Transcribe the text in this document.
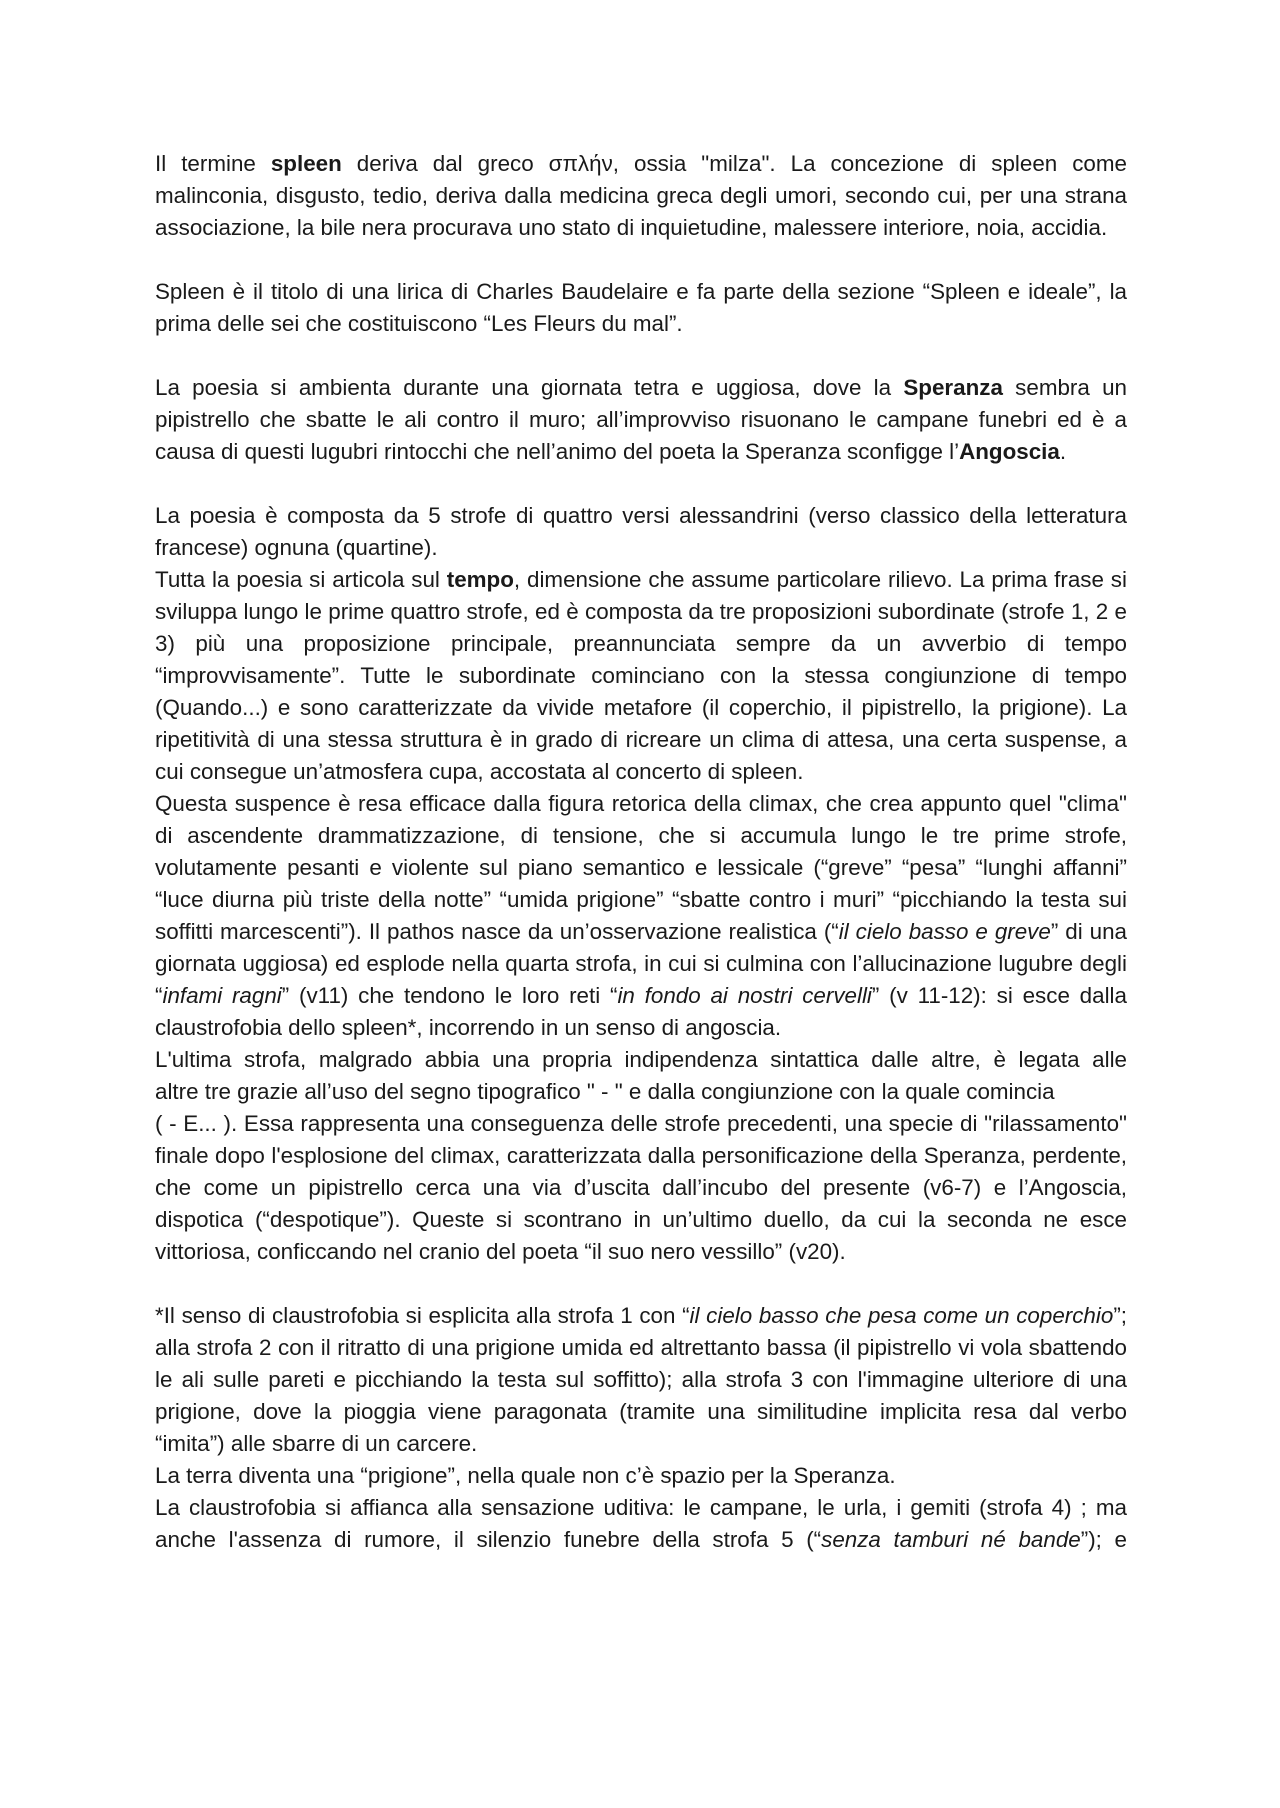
Il termine spleen deriva dal greco σπλήν, ossia "milza". La concezione di spleen come malinconia, disgusto, tedio, deriva dalla medicina greca degli umori, secondo cui, per una strana associazione, la bile nera procurava uno stato di inquietudine, malessere interiore, noia, accidia.

Spleen è il titolo di una lirica di Charles Baudelaire e fa parte della sezione “Spleen e ideale”, la prima delle sei che costituiscono “Les Fleurs du mal”.

La poesia si ambienta durante una giornata tetra e uggiosa, dove la Speranza sembra un pipistrello che sbatte le ali contro il muro; all’improvviso risuonano le campane funebri ed è a causa di questi lugubri rintocchi che nell’animo del poeta la Speranza sconfigge l’Angoscia.

La poesia è composta da 5 strofe di quattro versi alessandrini (verso classico della letteratura francese) ognuna (quartine).

Tutta la poesia si articola sul tempo, dimensione che assume particolare rilievo. La prima frase si sviluppa lungo le prime quattro strofe, ed è composta da tre proposizioni subordinate (strofe 1, 2 e 3) più una proposizione principale, preannunciata sempre da un avverbio di tempo “improvvisamente”. Tutte le subordinate cominciano con la stessa congiunzione di tempo (Quando...) e sono caratterizzate da vivide metafore (il coperchio, il pipistrello, la prigione). La ripetitività di una stessa struttura è in grado di ricreare un clima di attesa, una certa suspense, a cui consegue un’atmosfera cupa, accostata al concerto di spleen.

Questa suspence è resa efficace dalla figura retorica della climax, che crea appunto quel "clima" di ascendente drammatizzazione, di tensione, che si accumula lungo le tre prime strofe, volutamente pesanti e violente sul piano semantico e lessicale (“greve” “pesa” “lunghi affanni” “luce diurna più triste della notte” “umida prigione” “sbatte contro i muri” “picchiando la testa sui soffitti marcescenti”). Il pathos nasce da un’osservazione realistica (“il cielo basso e greve” di una giornata uggiosa) ed esplode nella quarta strofa, in cui si culmina con l’allucinazione lugubre degli “infami ragni” (v11) che tendono le loro reti “in fondo ai nostri cervelli” (v 11-12): si esce dalla claustrofobia dello spleen*, incorrendo in un senso di angoscia.

L'ultima strofa, malgrado abbia una propria indipendenza sintattica dalle altre, è legata alle

altre tre grazie all’uso del segno tipografico " - " e dalla congiunzione con la quale comincia

( - E... ). Essa rappresenta una conseguenza delle strofe precedenti, una specie di "rilassamento" finale dopo l'esplosione del climax, caratterizzata dalla personificazione della Speranza, perdente, che come un pipistrello cerca una via d’uscita dall’incubo del presente (v6-7) e l’Angoscia, dispotica (“despotique”). Queste si scontrano in un’ultimo duello, da cui la seconda ne esce vittoriosa, conficcando nel cranio del poeta “il suo nero vessillo” (v20).

*Il senso di claustrofobia si esplicita alla strofa 1 con “il cielo basso che pesa come un coperchio”; alla strofa 2 con il ritratto di una prigione umida ed altrettanto bassa (il pipistrello vi vola sbattendo le ali sulle pareti e picchiando la testa sul soffitto); alla strofa 3 con l'immagine ulteriore di una prigione, dove la pioggia viene paragonata (tramite una similitudine implicita resa dal verbo “imita”) alle sbarre di un carcere.

La terra diventa una “prigione”, nella quale non c’è spazio per la Speranza.

La claustrofobia si affianca alla sensazione uditiva: le campane, le urla, i gemiti (strofa 4) ; ma anche l'assenza di rumore, il silenzio funebre della strofa 5 (“senza tamburi né bande”); e
